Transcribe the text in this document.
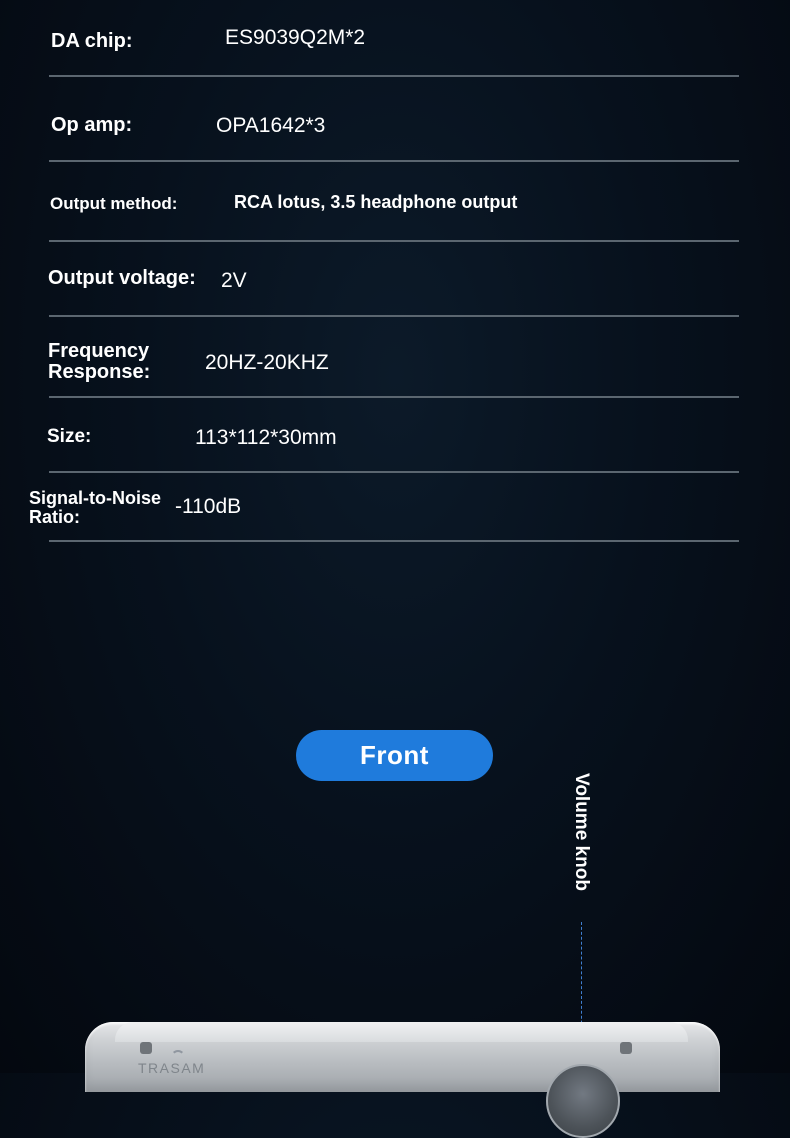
DA chip:	ES9039Q2M*2
Op amp:	OPA1642*3
Output method:	RCA lotus, 3.5 headphone output
Output voltage: 2V
Frequency
Response:	20HZ-20KHZ
Size:	113*112*30mm
Signal-to-Noise
Ratio:	-110dB
Front
Volume knob
TRASAM
